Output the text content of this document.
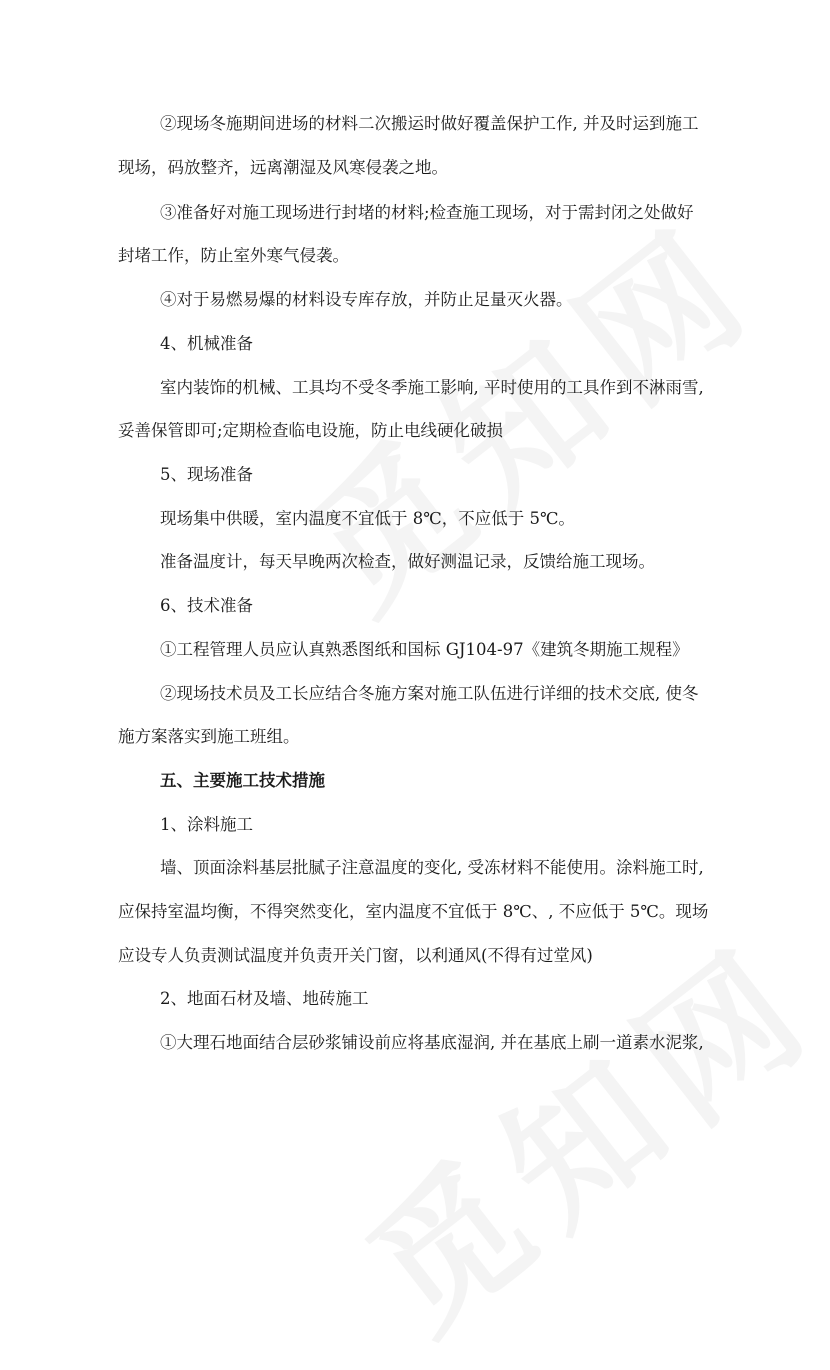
②现场冬施期间进场的材料二次搬运时做好覆盖保护工作, 并及时运到施工
现场，码放整齐，远离潮湿及风寒侵袭之地。
③准备好对施工现场进行封堵的材料;检查施工现场，对于需封闭之处做好
封堵工作，防止室外寒气侵袭。
④对于易燃易爆的材料设专库存放，并防止足量灭火器。
4、机械准备
室内装饰的机械、工具均不受冬季施工影响, 平时使用的工具作到不淋雨雪,
妥善保管即可;定期检查临电设施，防止电线硬化破损
5、现场准备
现场集中供暖，室内温度不宜低于 8℃，不应低于 5℃。
准备温度计，每天早晚两次检查，做好测温记录，反馈给施工现场。
6、技术准备
①工程管理人员应认真熟悉图纸和国标 GJ104-97《建筑冬期施工规程》
②现场技术员及工长应结合冬施方案对施工队伍进行详细的技术交底, 使冬
施方案落实到施工班组。
五、主要施工技术措施
1、涂料施工
墙、顶面涂料基层批腻子注意温度的变化, 受冻材料不能使用。涂料施工时,
应保持室温均衡，不得突然变化，室内温度不宜低于 8℃、, 不应低于 5℃。现场
应设专人负责测试温度并负责开关门窗，以利通风(不得有过堂风)
2、地面石材及墙、地砖施工
①大理石地面结合层砂浆铺设前应将基底湿润, 并在基底上刷一道素水泥浆,
